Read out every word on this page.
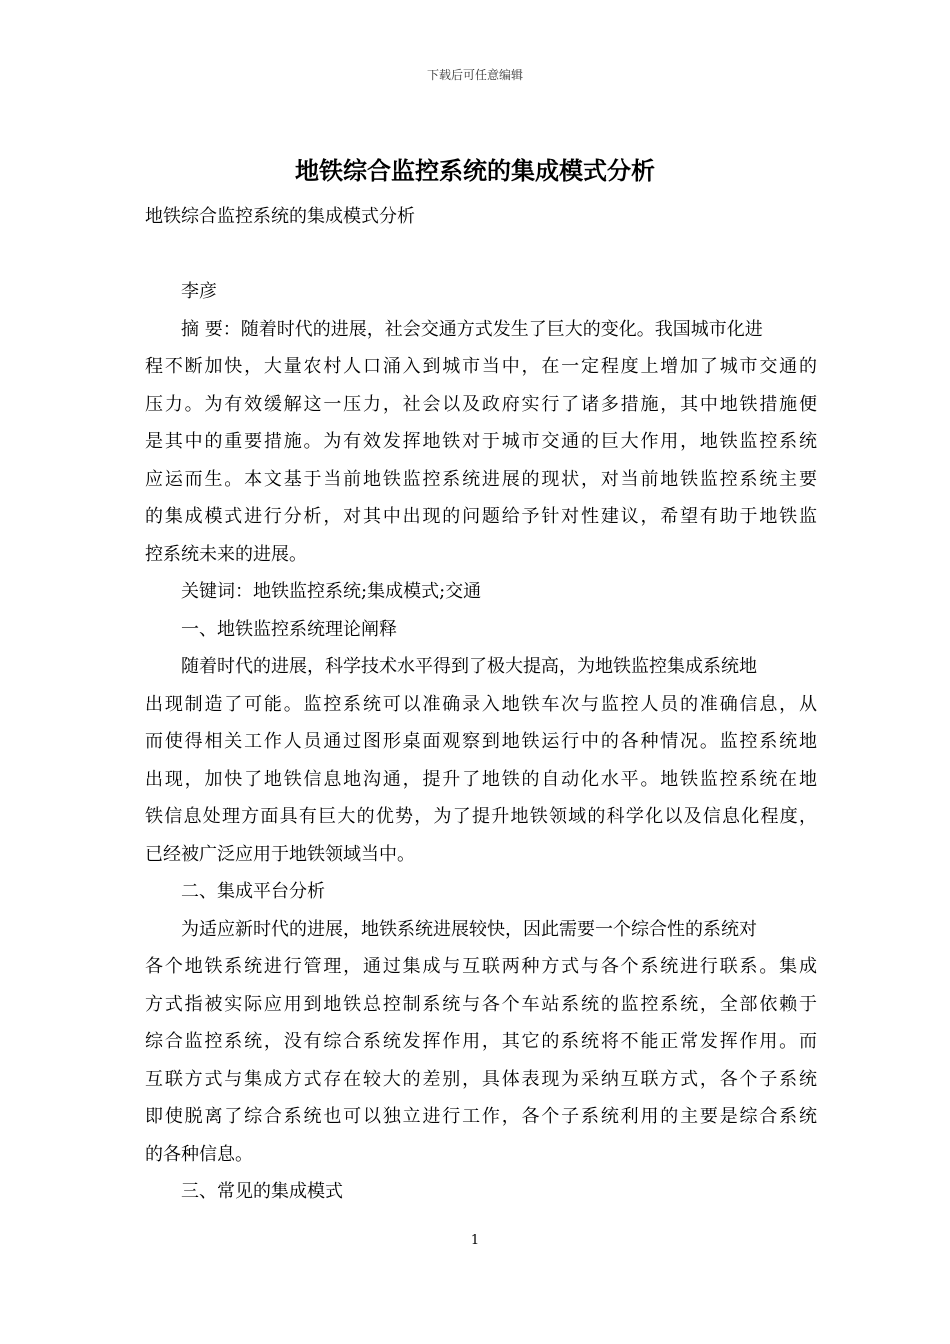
下载后可任意编辑
地铁综合监控系统的集成模式分析
地铁综合监控系统的集成模式分析
李彦
摘 要：随着时代的进展，社会交通方式发生了巨大的变化。我国城市化进
程不断加快，大量农村人口涌入到城市当中，在一定程度上增加了城市交通的
压力。为有效缓解这一压力，社会以及政府实行了诸多措施，其中地铁措施便
是其中的重要措施。为有效发挥地铁对于城市交通的巨大作用，地铁监控系统
应运而生。本文基于当前地铁监控系统进展的现状，对当前地铁监控系统主要
的集成模式进行分析，对其中出现的问题给予针对性建议，希望有助于地铁监
控系统未来的进展。
关键词：地铁监控系统;集成模式;交通
一、地铁监控系统理论阐释
随着时代的进展，科学技术水平得到了极大提高，为地铁监控集成系统地
出现制造了可能。监控系统可以准确录入地铁车次与监控人员的准确信息，从
而使得相关工作人员通过图形桌面观察到地铁运行中的各种情况。监控系统地
出现，加快了地铁信息地沟通，提升了地铁的自动化水平。地铁监控系统在地
铁信息处理方面具有巨大的优势，为了提升地铁领域的科学化以及信息化程度，
已经被广泛应用于地铁领域当中。
二、集成平台分析
为适应新时代的进展，地铁系统进展较快，因此需要一个综合性的系统对
各个地铁系统进行管理，通过集成与互联两种方式与各个系统进行联系。集成
方式指被实际应用到地铁总控制系统与各个车站系统的监控系统，全部依赖于
综合监控系统，没有综合系统发挥作用，其它的系统将不能正常发挥作用。而
互联方式与集成方式存在较大的差别，具体表现为采纳互联方式，各个子系统
即使脱离了综合系统也可以独立进行工作，各个子系统利用的主要是综合系统
的各种信息。
三、常见的集成模式
1
